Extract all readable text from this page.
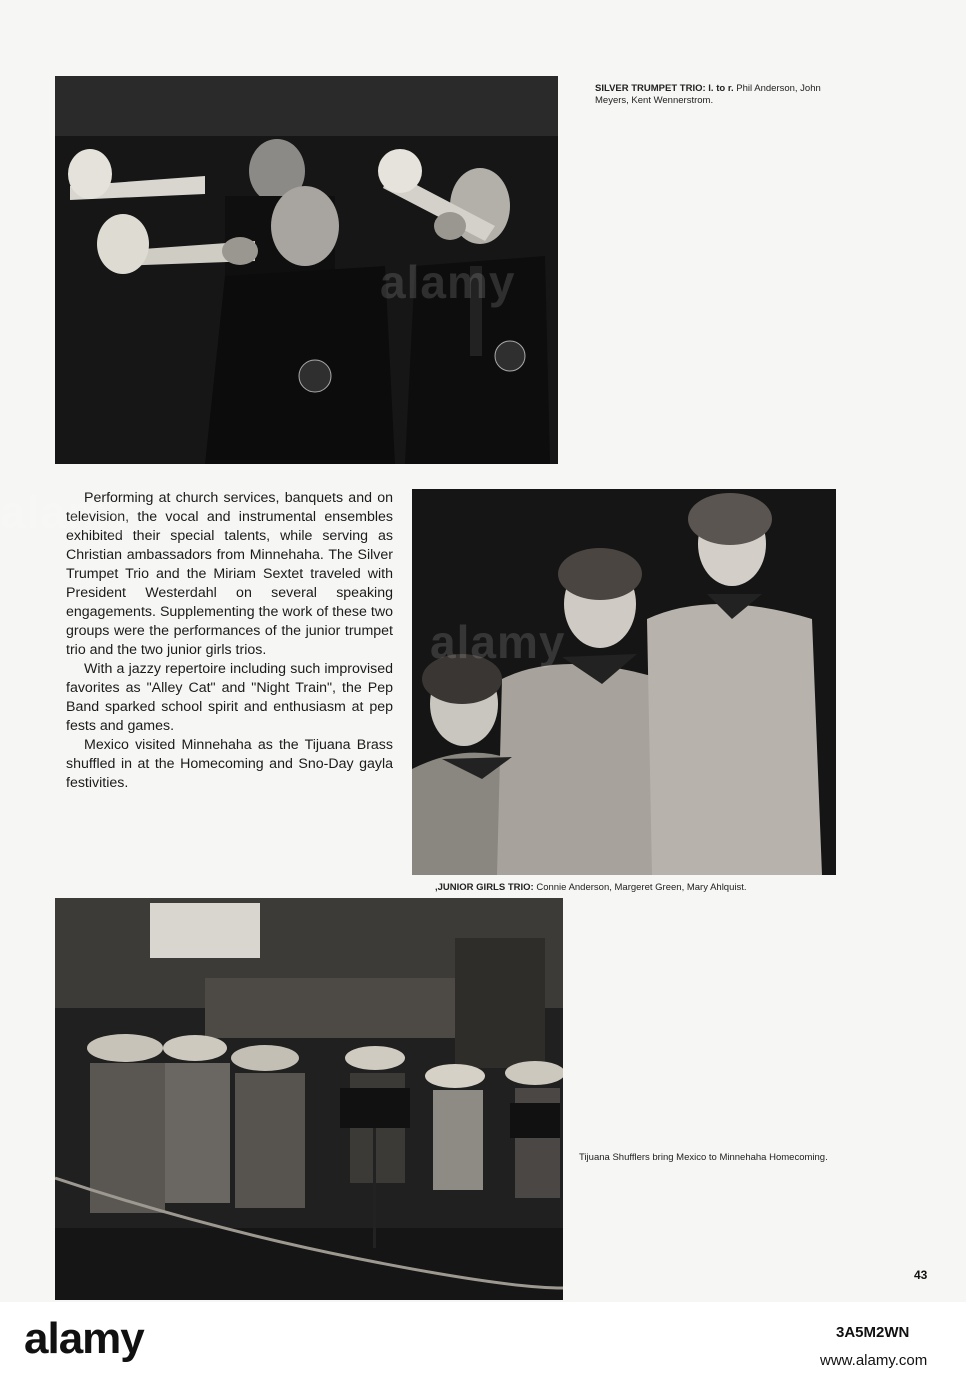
SILVER TRUMPET TRIO: l. to r. Phil Anderson, John Meyers, Kent Wennerstrom.

Performing at church services, banquets and on television, the vocal and instrumental ensembles exhibited their special talents, while serving as Christian ambassadors from Minnehaha. The Silver Trumpet Trio and the Miriam Sextet traveled with President Westerdahl on several speaking engagements. Supplementing the work of these two groups were the performances of the junior trumpet trio and the two junior girls trios.

With a jazzy repertoire including such improvised favorites as "Alley Cat" and "Night Train", the Pep Band sparked school spirit and enthusiasm at pep fests and games.

Mexico visited Minnehaha as the Tijuana Brass shuffled in at the Homecoming and Sno-Day gayla festivities.

,JUNIOR GIRLS TRIO: Connie Anderson, Margeret Green, Mary Ahlquist.
Tijuana Shufflers bring Mexico to Minnehaha Homecoming.
43
alamy
alamy	3A5M2WN
www.alamy.com
